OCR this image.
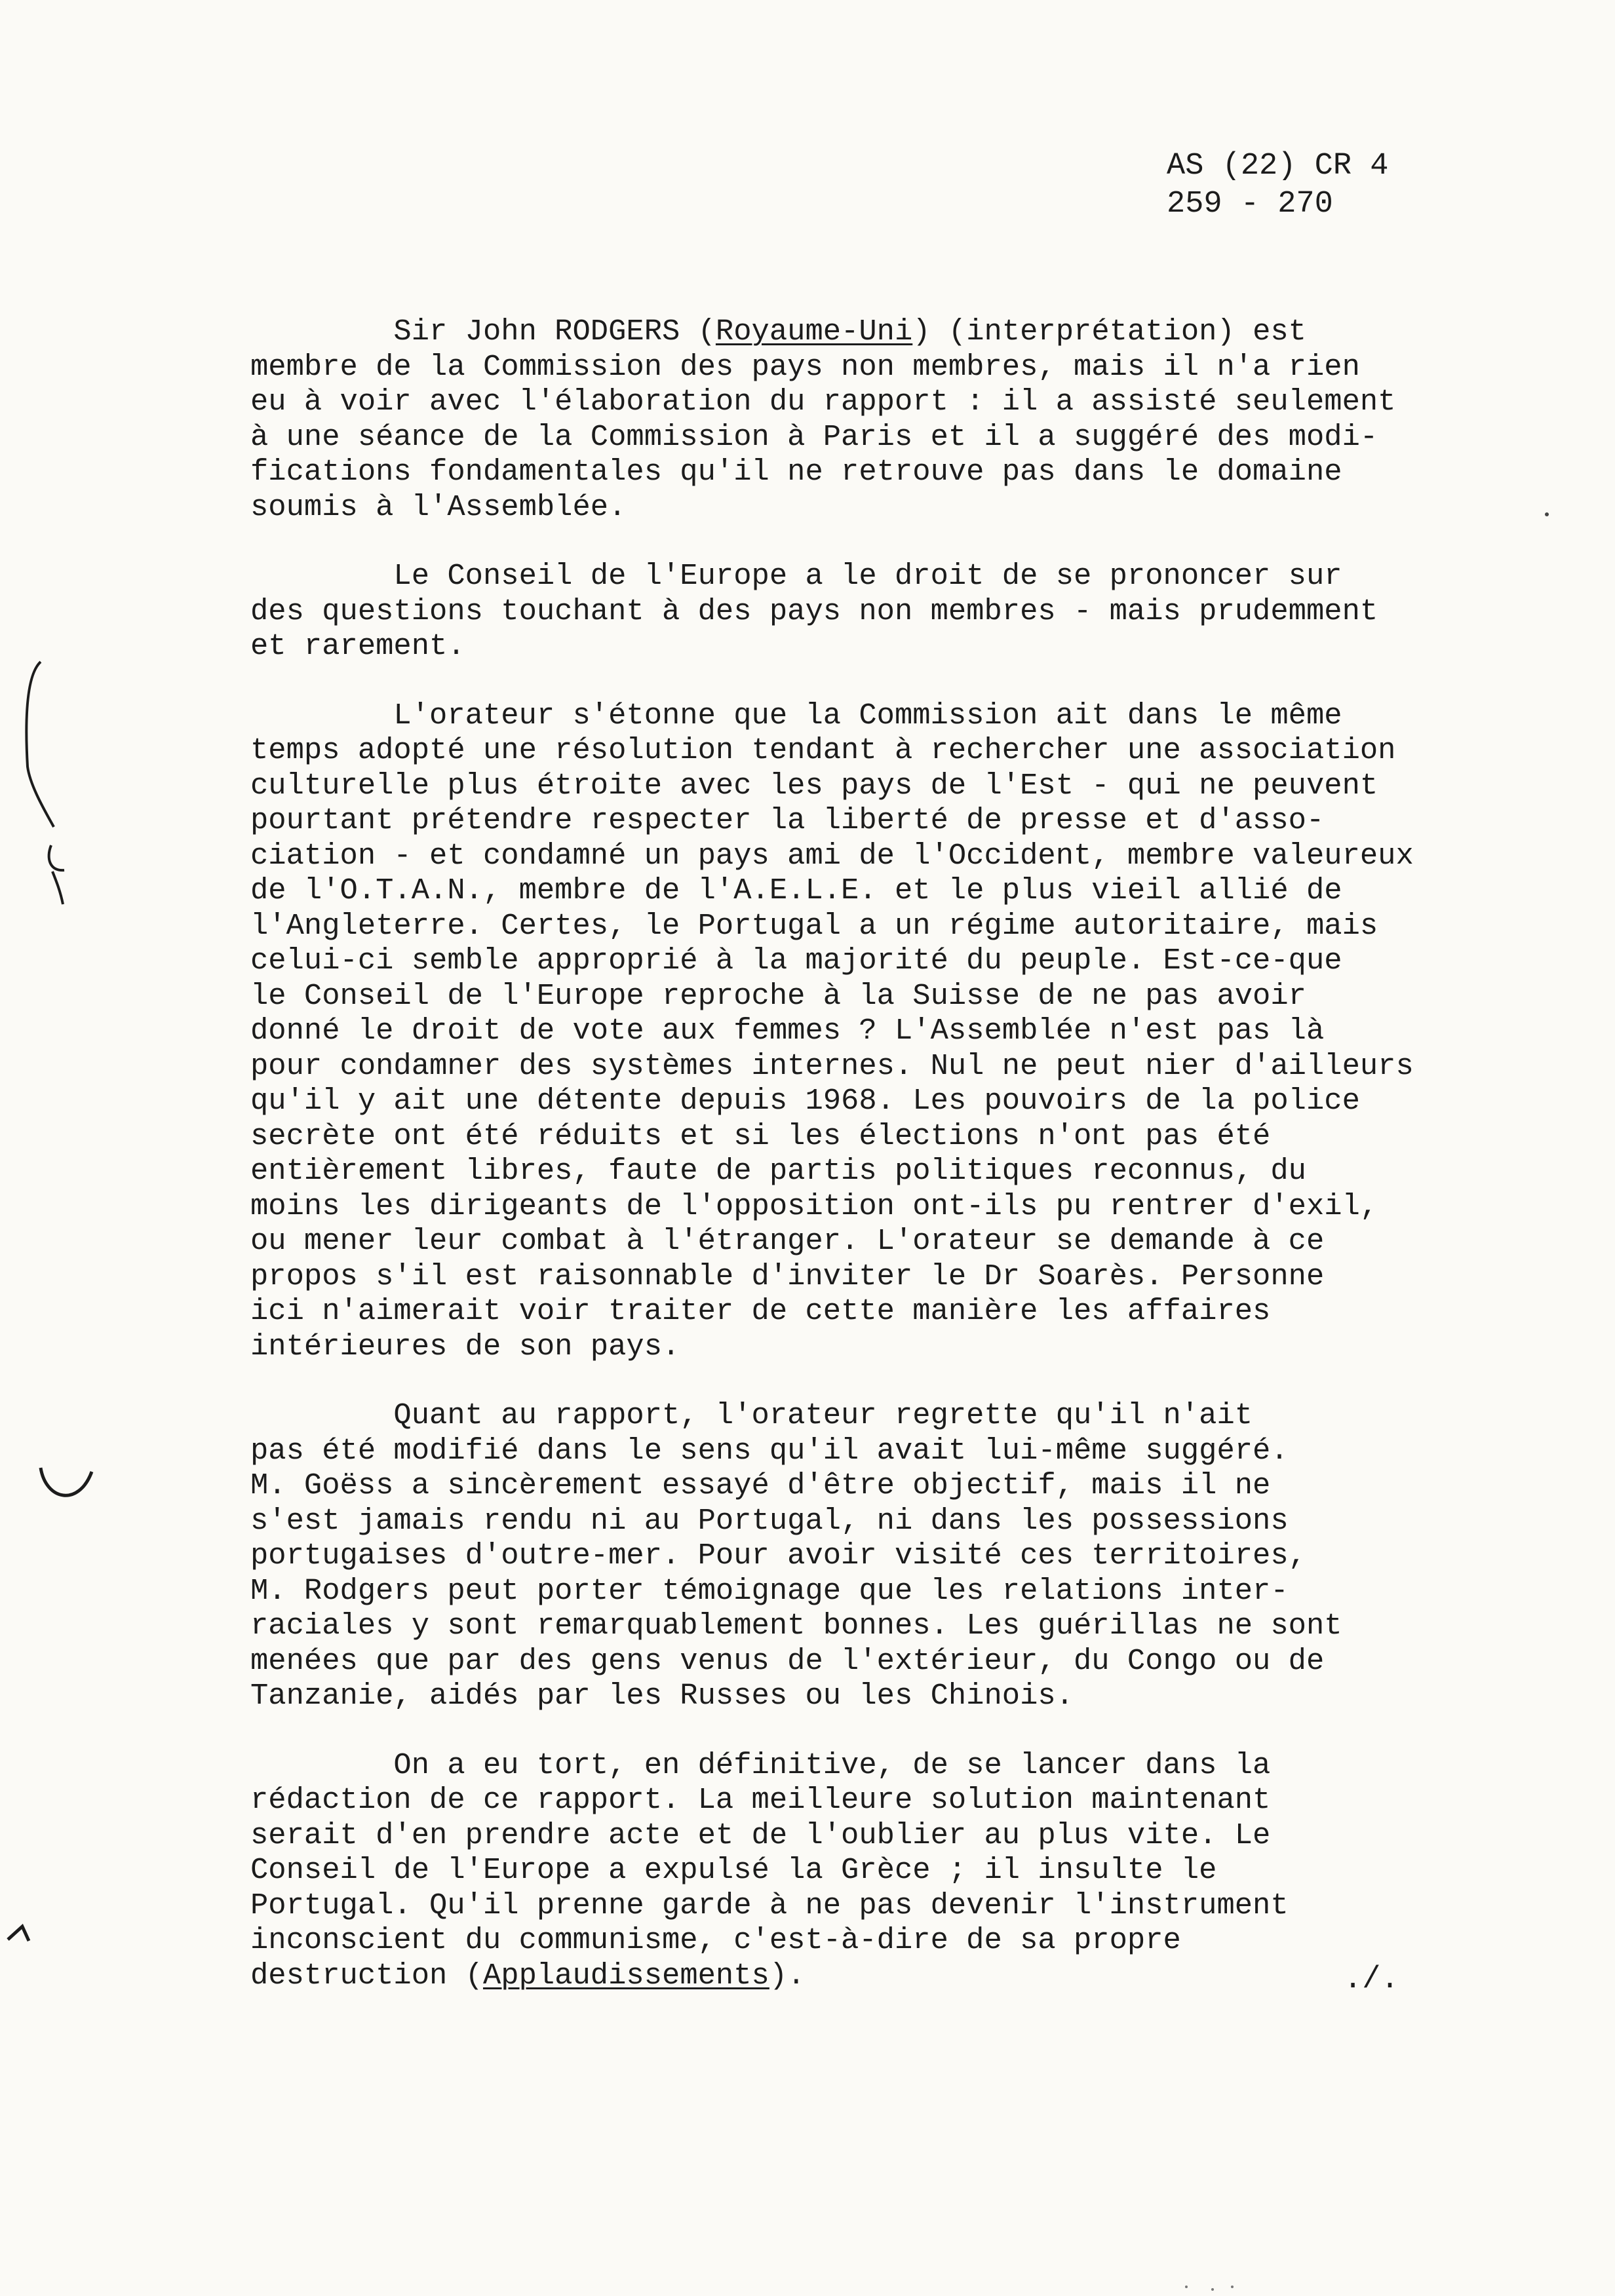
AS (22) CR 4
259 - 270
Sir John RODGERS (Royaume-Uni) (interprétation) est
membre de la Commission des pays non membres, mais il n'a rien
eu à voir avec l'élaboration du rapport : il a assisté seulement
à une séance de la Commission à Paris et il a suggéré des modi-
fications fondamentales qu'il ne retrouve pas dans le domaine
soumis à l'Assemblée.
Le Conseil de l'Europe a le droit de se prononcer sur
des questions touchant à des pays non membres - mais prudemment
et rarement.
L'orateur s'étonne que la Commission ait dans le même
temps adopté une résolution tendant à rechercher une association
culturelle plus étroite avec les pays de l'Est - qui ne peuvent
pourtant prétendre respecter la liberté de presse et d'asso-
ciation - et condamné un pays ami de l'Occident, membre valeureux
de l'O.T.A.N., membre de l'A.E.L.E. et le plus vieil allié de
l'Angleterre. Certes, le Portugal a un régime autoritaire, mais
celui-ci semble approprié à la majorité du peuple. Est-ce-que
le Conseil de l'Europe reproche à la Suisse de ne pas avoir
donné le droit de vote aux femmes ? L'Assemblée n'est pas là
pour condamner des systèmes internes. Nul ne peut nier d'ailleurs
qu'il y ait une détente depuis 1968. Les pouvoirs de la police
secrète ont été réduits et si les élections n'ont pas été
entièrement libres, faute de partis politiques reconnus, du
moins les dirigeants de l'opposition ont-ils pu rentrer d'exil,
ou mener leur combat à l'étranger. L'orateur se demande à ce
propos s'il est raisonnable d'inviter le Dr Soarès. Personne
ici n'aimerait voir traiter de cette manière les affaires
intérieures de son pays.
Quant au rapport, l'orateur regrette qu'il n'ait
pas été modifié dans le sens qu'il avait lui-même suggéré.
M. Goëss a sincèrement essayé d'être objectif, mais il ne
s'est jamais rendu ni au Portugal, ni dans les possessions
portugaises d'outre-mer. Pour avoir visité ces territoires,
M. Rodgers peut porter témoignage que les relations inter-
raciales y sont remarquablement bonnes. Les guérillas ne sont
menées que par des gens venus de l'extérieur, du Congo ou de
Tanzanie, aidés par les Russes ou les Chinois.
On a eu tort, en définitive, de se lancer dans la
rédaction de ce rapport. La meilleure solution maintenant
serait d'en prendre acte et de l'oublier au plus vite. Le
Conseil de l'Europe a expulsé la Grèce ; il insulte le
Portugal. Qu'il prenne garde à ne pas devenir l'instrument
inconscient du communisme, c'est-à-dire de sa propre
destruction (Applaudissements).	./.
